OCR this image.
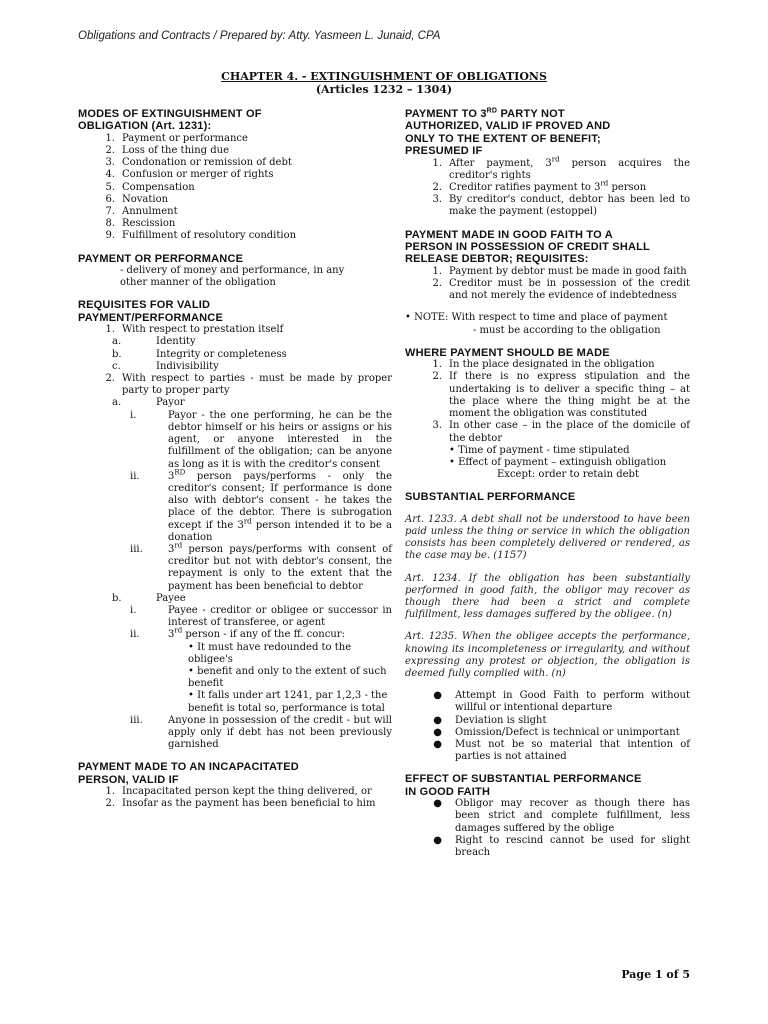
Obligations and Contracts / Prepared by: Atty. Yasmeen L. Junaid, CPA
CHAPTER 4. - EXTINGUISHMENT OF OBLIGATIONS
(Articles 1232 – 1304)

MODES OF EXTINGUISHMENT OF

OBLIGATION (Art. 1231):

1. Payment or performance
2. Loss of the thing due
3. Condonation or remission of debt
4. Confusion or merger of rights
5. Compensation
6. Novation
7. Annulment
8. Rescission
9. Fulfillment of resolutory condition

PAYMENT OR PERFORMANCE

- delivery of money and performance, in any
other manner of the obligation

REQUISITES FOR VALID

PAYMENT/PERFORMANCE

1. With respect to prestation itself
a.	Identity
b.	Integrity or completeness
c.	Indivisibility
2. With respect to parties - must be made by proper party to proper party
a.	Payor
i.	Payor - the one performing, he can be the debtor himself or his heirs or assigns or his agent, or anyone interested in the fulfillment of the obligation; can be anyone as long as it is with the creditor's consent
ii.	3RD person pays/performs - only the creditor's consent; If performance is done also with debtor's consent - he takes the place of the debtor. There is subrogation except if the 3rd person intended it to be a donation
iii.	3rd person pays/performs with consent of creditor but not with debtor's consent, the repayment is only to the extent that the payment has been beneficial to debtor
b.	Payee
i.	Payee - creditor or obligee or successor in interest of transferee, or agent
ii.	3rd person - if any of the ff. concur:
• It must have redounded to the obligee's
• benefit and only to the extent of such benefit
• It falls under art 1241, par 1,2,3 - the benefit is total so, performance is total
iii.	Anyone in possession of the credit - but will apply only if debt has not been previously garnished

PAYMENT MADE TO AN INCAPACITATED

PERSON, VALID IF

1. Incapacitated person kept the thing delivered, or
2. Insofar as the payment has been beneficial to him

PAYMENT TO 3RD PARTY NOT

AUTHORIZED, VALID IF PROVED AND

ONLY TO THE EXTENT OF BENEFIT;

PRESUMED IF

1. After payment, 3rd person acquires the creditor's rights
2. Creditor ratifies payment to 3rd person
3. By creditor's conduct, debtor has been led to make the payment (estoppel)

PAYMENT MADE IN GOOD FAITH TO A

PERSON IN POSSESSION OF CREDIT SHALL

RELEASE DEBTOR; REQUISITES:

1. Payment by debtor must be made in good faith
2. Creditor must be in possession of the credit and not merely the evidence of indebtedness
• NOTE: With respect to time and place of payment
- must be according to the obligation

WHERE PAYMENT SHOULD BE MADE

1. In the place designated in the obligation
2. If there is no express stipulation and the undertaking is to deliver a specific thing – at the place where the thing might be at the moment the obligation was constituted
3. In other case – in the place of the domicile of the debtor
• Time of payment - time stipulated
• Effect of payment – extinguish obligation
Except: order to retain debt

SUBSTANTIAL PERFORMANCE

Art. 1233. A debt shall not be understood to have been paid unless the thing or service in which the obligation consists has been completely delivered or rendered, as the case may be. (1157)
Art. 1234. If the obligation has been substantially performed in good faith, the obligor may recover as though there had been a strict and complete fulfillment, less damages suffered by the obligee. (n)
Art. 1235. When the obligee accepts the performance, knowing its incompleteness or irregularity, and without expressing any protest or objection, the obligation is deemed fully complied with. (n)
●	Attempt in Good Faith to perform without willful or intentional departure
●	Deviation is slight
●	Omission/Defect is technical or unimportant
●	Must not be so material that intention of parties is not attained

EFFECT OF SUBSTANTIAL PERFORMANCE

IN GOOD FAITH

●	Obligor may recover as though there has been strict and complete fulfillment, less damages suffered by the oblige
●	Right to rescind cannot be used for slight breach
Page 1 of 5
